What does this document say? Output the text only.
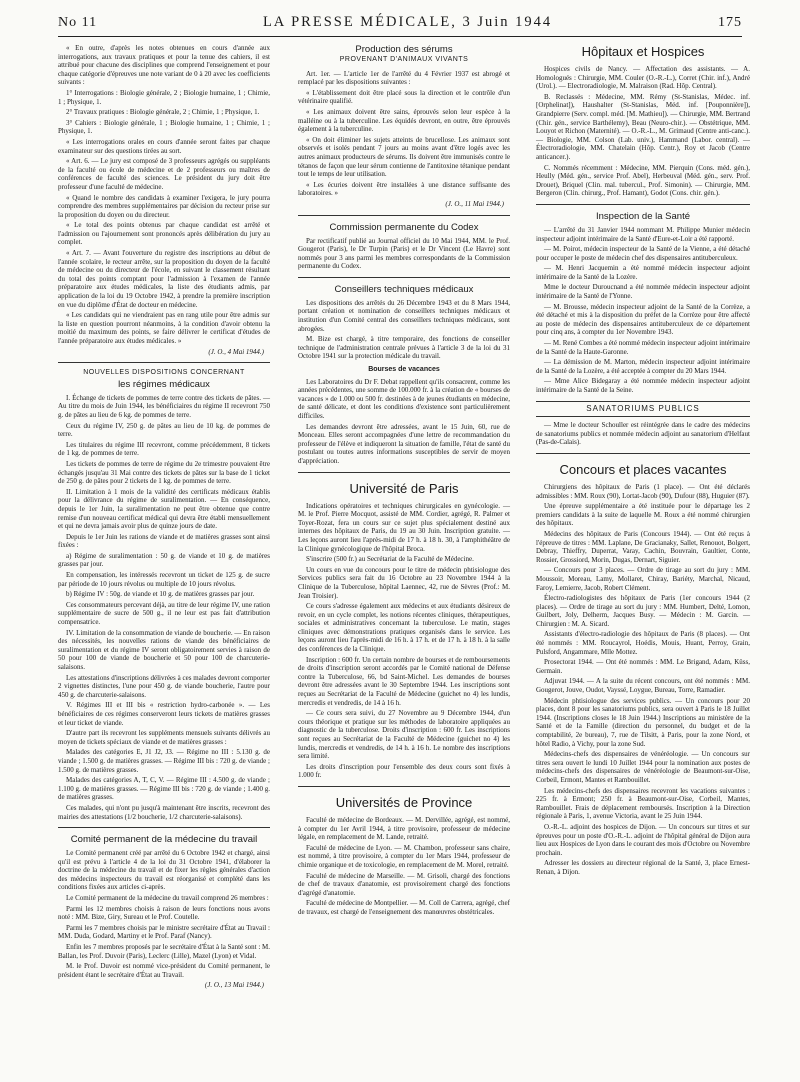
No 11	LA PRESSE MÉDICALE, 3 Juin 1944	175

« En outre, d'après les notes obtenues en cours d'année aux interrogations, aux travaux pratiques et pour la tenue des cahiers, il est attribué pour chacune des disciplines que comprend l'enseignement et pour chaque catégorie d'épreuves une note variant de 0 à 20 avec les coefficients suivants :

1° Interrogations : Biologie générale, 2 ; Biologie humaine, 1 ; Chimie, 1 ; Physique, 1.

2° Travaux pratiques : Biologie générale, 2 ; Chimie, 1 ; Physique, 1.

3° Cahiers : Biologie générale, 1 ; Biologie humaine, 1 ; Chimie, 1 ; Physique, 1.

« Les interrogations orales en cours d'année seront faites par chaque examinateur sur des questions tirées au sort.

« Art. 6. — Le jury est composé de 3 professeurs agrégés ou suppléants de la faculté ou école de médecine et de 2 professeurs ou maîtres de conférences de faculté des sciences. Le président du jury doit être professeur d'une faculté de médecine.

« Quand le nombre des candidats à examiner l'exigera, le jury pourra comprendre des membres supplémentaires par décision du recteur prise sur la proposition du doyen ou du directeur.

« Le total des points obtenus par chaque candidat est arrêté et l'admission ou l'ajournement sont prononcés après délibération du jury au complet.

« Art. 7. — Avant l'ouverture du registre des inscriptions au début de l'année scolaire, le recteur arrête, sur la proposition du doyen de la faculté de médecine ou du directeur de l'école, en suivant le classement résultant du total des points comptant pour l'admission à l'examen de l'année préparatoire aux études médicales, la liste des étudiants admis, par application de la loi du 19 Octobre 1942, à prendre la première inscription en vue du diplôme d'État de docteur en médecine.

« Les candidats qui ne viendraient pas en rang utile pour être admis sur la liste en question pourront néanmoins, à la condition d'avoir obtenu la moitié du maximum des points, se faire délivrer le certificat d'études de l'année préparatoire aux études médicales. »

(J. O., 4 Mai 1944.)
NOUVELLES DISPOSITIONS CONCERNANT
les régimes médicaux

I. Échange de tickets de pommes de terre contre des tickets de pâtes. — Au titre du mois de Juin 1944, les bénéficiaires du régime II recevront 750 g. de pâtes au lieu de 6 kg. de pommes de terre.

Ceux du régime IV, 250 g. de pâtes au lieu de 10 kg. de pommes de terre.

Les titulaires du régime III recevront, comme précédemment, 8 tickets de 1 kg. de pommes de terre.

Les tickets de pommes de terre de régime du 2e trimestre pouvaient être échangés jusqu'au 31 Mai contre des tickets de pâtes sur la base de 1 ticket de 250 g. de pâtes pour 2 tickets de 1 kg. de pommes de terre.

II. Limitation à 1 mois de la validité des certificats médicaux établis pour la délivrance du régime de suralimentation. — En conséquence, depuis le 1er Juin, la suralimentation ne peut être obtenue que contre remise d'un nouveau certificat médical qui devra être établi mensuellement et qui ne devra jamais avoir plus de quinze jours de date.

Depuis le 1er Juin les rations de viande et de matières grasses sont ainsi fixées :

a) Régime de suralimentation : 50 g. de viande et 10 g. de matières grasses par jour.

En compensation, les intéressés recevront un ticket de 125 g. de sucre par période de 10 jours révolus ou multiple de 10 jours révolus.

b) Régime IV : 50g. de viande et 10 g. de matières grasses par jour.

Ces consommateurs percevant déjà, au titre de leur régime IV, une ration supplémentaire de sucre de 500 g., il ne leur est pas fait d'attribution compensatrice.

IV. Limitation de la consommation de viande de boucherie. — En raison des nécessités, les nouvelles rations de viande des bénéficiaires de suralimentation et du régime IV seront obligatoirement servies à raison de 50 pour 100 de viande de boucherie et 50 pour 100 de charcuterie-salaisons.

Les attestations d'inscriptions délivrées à ces malades devront comporter 2 vignettes distinctes, l'une pour 450 g. de viande boucherie, l'autre pour 450 g. de charcuterie-salaisons.

V. Régimes III et III bis « restriction hydro-carbonée ». — Les bénéficiaires de ces régimes conserveront leurs tickets de matières grasses et leur ticket de viande.

D'autre part ils recevront les suppléments mensuels suivants délivrés au moyen de tickets spéciaux de viande et de matières grasses :

Malades des catégories E, J1 J2, J3. — Régime no III : 5.130 g. de viande ; 1.500 g. de matières grasses. — Régime III bis : 720 g. de viande ; 1.500 g. de matières grasses.

Malades des catégories A, T, C, V. — Régime III : 4.500 g. de viande ; 1.100 g. de matières grasses. — Régime III bis : 720 g. de viande ; 1.400 g. de matières grasses.

Ces malades, qui n'ont pu jusqu'à maintenant être inscrits, recevront des mairies des attestations (1/2 boucherie, 1/2 charcuterie-salaisons).

Comité permanent de la médecine du travail

Le Comité permanent créé par arrêté du 6 Octobre 1942 et chargé, ainsi qu'il est prévu à l'article 4 de la loi du 31 Octobre 1941, d'élaborer la doctrine de la médecine du travail et de fixer les règles générales d'action des médecins inspecteurs du travail est réorganisé et complété dans les conditions fixées aux articles ci-après.

Le Comité permanent de la médecine du travail comprend 26 membres :

Parmi les 12 membres choisis à raison de leurs fonctions nous avons noté : MM. Bize, Giry, Sureau et le Prof. Coutelle.

Parmi les 7 membres choisis par le ministre secrétaire d'État au Travail : MM. Duda, Godard, Martiny et le Prof. Paraf (Nancy).

Enfin les 7 membres proposés par le secrétaire d'État à la Santé sont : M. Ballan, les Prof. Duvoir (Paris), Leclerc (Lille), Mazel (Lyon) et Vidal.

M. le Prof. Duvoir est nommé vice-président du Comité permanent, le président étant le secrétaire d'État au Travail.

(J. O., 13 Mai 1944.)
Production des sérums
PROVENANT D'ANIMAUX VIVANTS

Art. 1er. — L'article 1er de l'arrêté du 4 Février 1937 est abrogé et remplacé par les dispositions suivantes :

« L'établissement doit être placé sous la direction et le contrôle d'un vétérinaire qualifié.

« Les animaux doivent être sains, éprouvés selon leur espèce à la malléine ou à la tuberculine. Les équidés devront, en outre, être éprouvés également à la tuberculine.

« On doit éliminer les sujets atteints de brucellose. Les animaux sont observés et isolés pendant 7 jours au moins avant d'être logés avec les autres animaux producteurs de sérums. Ils doivent être immunisés contre le tétanos de façon que leur sérum contienne de l'antitoxine tétanique pendant tout le temps de leur utilisation.

« Les écuries doivent être installées à une distance suffisante des laboratoires. »

(J. O., 11 Mai 1944.)
Commission permanente du Codex

Par rectificatif publié au Journal officiel du 10 Mai 1944, MM. le Prof. Gougerot (Paris), le Dr Turpin (Paris) et le Dr Vincent (Le Havre) sont nommés pour 3 ans parmi les membres correspondants de la Commission permanente du Codex.

Conseillers techniques médicaux

Les dispositions des arrêtés du 26 Décembre 1943 et du 8 Mars 1944, portant création et nomination de conseillers techniques médicaux et institution d'un Comité central des conseillers techniques médicaux, sont abrogées.

M. Bize est chargé, à titre temporaire, des fonctions de conseiller technique de l'administration centrale prévues à l'article 3 de la loi du 31 Octobre 1941 sur la protection médicale du travail.

Bourses de vacances

Les Laboratoires du Dr F. Debat rappellent qu'ils consacrent, comme les années précédentes, une somme de 100.000 fr. à la création de « bourses de vacances » de 1.000 ou 500 fr. destinées à de jeunes étudiants en médecine, de santé délicate, et dont les conditions d'existence sont particulièrement difficiles.

Les demandes devront être adressées, avant le 15 Juin, 60, rue de Monceau. Elles seront accompagnées d'une lettre de recommandation du professeur de l'élève et indiqueront la situation de famille, l'état de santé du postulant ou toutes autres informations susceptibles de servir de moyen d'appréciation.

Université de Paris

Indications opératoires et techniques chirurgicales en gynécologie. — M. le Prof. Pierre Mocquot, assisté de MM. Cordier, agrégé, R. Palmer et Toyer-Rozat, fera un cours sur ce sujet plus spécialement destiné aux internes des hôpitaux de Paris, du 19 au 30 Juin. Inscription gratuite. — Les leçons auront lieu l'après-midi de 17 h. à 18 h. 30, à l'amphithéâtre de la Clinique gynécologique de l'hôpital Broca.

S'inscrire (500 fr.) au Secrétariat de la Faculté de Médecine.

Un cours en vue du concours pour le titre de médecin phtisiologue des Services publics sera fait du 16 Octobre au 23 Novembre 1944 à la Clinique de la Tuberculose, hôpital Laennec, 42, rue de Sèvres (Prof.: M. Jean Troisier).

Ce cours s'adresse également aux médecins et aux étudiants désireux de revoir, en un cycle complet, les notions récentes cliniques, thérapeutiques, sociales et administratives concernant la tuberculose. Le matin, stages cliniques avec démonstrations pratiques organisés dans le service. Les leçons auront lieu l'après-midi de 16 h. à 17 h. et de 17 h. à 18 h. à la salle des conférences de la Clinique.

Inscription : 600 fr. Un certain nombre de bourses et de remboursements de droits d'inscription seront accordés par le Comité national de Défense contre la Tuberculose, 66, bd Saint-Michel. Les demandes de bourses devront être adressées avant le 30 Septembre 1944. Les inscriptions sont reçues au Secrétariat de la Faculté de Médecine (guichet no 4) les lundis, mercredis et vendredis, de 14 à 16 h.

— Ce cours sera suivi, du 27 Novembre au 9 Décembre 1944, d'un cours théorique et pratique sur les méthodes de laboratoire appliquées au diagnostic de la tuberculose. Droits d'inscription : 600 fr. Les inscriptions sont reçues au Secrétariat de la Faculté de Médecine (guichet no 4) les lundis, mercredis et vendredis, de 14 h. à 16 h. Le nombre des inscriptions sera limité.

Les droits d'inscription pour l'ensemble des deux cours sont fixés à 1.000 fr.

Universités de Province

Faculté de médecine de Bordeaux. — M. Dervillée, agrégé, est nommé, à compter du 1er Avril 1944, à titre provisoire, professeur de médecine légale, en remplacement de M. Lande, retraité.

Faculté de médecine de Lyon. — M. Chambon, professeur sans chaire, est nommé, à titre provisoire, à compter du 1er Mars 1944, professeur de chimie organique et de toxicologie, en remplacement de M. Morel, retraité.

Faculté de médecine de Marseille. — M. Grisoli, chargé des fonctions de chef de travaux d'anatomie, est provisoirement chargé des fonctions d'agrégé d'anatomie.

Faculté de médecine de Montpellier. — M. Coll de Carrera, agrégé, chef de travaux, est chargé de l'enseignement des manœuvres obstétricales.

Hôpitaux et Hospices

Hospices civils de Nancy. — Affectation des assistants. — A. Homologués : Chirurgie, MM. Couler (O.-R.-L.), Corret (Chir. inf.), André (Urol.). — Electroradiologie, M. Malraison (Rad. Hôp. Central).

B. Reclassés : Médecine, MM. Rémy (St-Stanislas, Médec. inf. [Orphelinat]), Haushalter (St-Stanislas, Méd. inf. [Pouponnière]), Grandpierre (Serv. compl. méd. [M. Mathieu]). — Chirurgie, MM. Bertrand (Chir. gén., service Barthélemy), Beau (Neuro-chir.). — Obstétrique, MM. Louyot et Richon (Maternité). — O.-R.-L., M. Grimaud (Centre anti-canc.). — Biologie, MM. Colson (Lab. univ.), Hammand (Labor. central). — Électroradiologie, MM. Chatelain (Hôp. Centr.), Roy et Jacob (Centre anticancer.).

C. Nommés récemment : Médecine, MM. Pierquin (Cons. méd. gén.), Heully (Méd. gén., service Prof. Abel), Herbeuval (Méd. gén., serv. Prof. Drouet), Briquel (Clin. mal. tubercul., Prof. Simonin). — Chirurgie, MM. Bergeron (Clin. chirurg., Prof. Hamant), Godot (Cons. chir. gén.).

Inspection de la Santé

— L'arrêté du 31 Janvier 1944 nommant M. Philippe Munier médecin inspecteur adjoint intérimaire de la Santé d'Eure-et-Loir a été rapporté.

— M. Poirot, médecin inspecteur de la Santé de la Vienne, a été détaché pour occuper le poste de médecin chef des dispensaires antituberculeux.

— M. Henri Jacquemin a été nommé médecin inspecteur adjoint intérimaire de la Santé de la Lozère.

Mme le docteur Duroucnand a été nommée médecin inspecteur adjoint intérimaire de la Santé de l'Yonne.

— M. Brousse, médecin inspecteur adjoint de la Santé de la Corrèze, a été détaché et mis à la disposition du préfet de la Corrèze pour être affecté au poste de médecin des dispensaires antituberculeux de ce département pour cinq ans, à compter du 1er Novembre 1943.

— M. René Combes a été nommé médecin inspecteur adjoint intérimaire de la Santé de la Haute-Garonne.

— La démission de M. Marton, médecin inspecteur adjoint intérimaire de la Santé de la Lozère, a été acceptée à compter du 20 Mars 1944.

— Mme Alice Bidegaray a été nommée médecin inspecteur adjoint intérimaire de la Santé de la Seine.

SANATORIUMS PUBLICS

— Mme le docteur Schouller est réintégrée dans le cadre des médecins de sanatoriums publics et nommée médecin adjoint au sanatorium d'Helfaut (Pas-de-Calais).

Concours et places vacantes

Chirurgiens des hôpitaux de Paris (1 place). — Ont été déclarés admissibles : MM. Roux (90), Lortat-Jacob (90), Dufour (88), Huguier (87).

Une épreuve supplémentaire a été instituée pour le départage les 2 premiers candidats à la suite de laquelle M. Roux a été nommé chirurgien des hôpitaux.

Médecins des hôpitaux de Paris (Concours 1944). — Ont été reçus à l'épreuve de titres : MM. Laplane, De Gracianaky, Sallet, Renouot, Bolgert, Debray, Thieffry, Duperrat, Varay, Cachin, Bouvrain, Gaultier, Conte, Rossier, Grossiord, Morin, Dugas, Dernart, Siguier.

— Concours pour 3 places. — Ordre de tirage au sort du jury : MM. Moussoir, Moreau, Lamy, Mollaret, Chiray, Bariéty, Marchal, Nicaud, Faroy, Lemierre, Jacob, Robert Clément.

Électro-radiologistes des hôpitaux de Paris (1er concours 1944 (2 places). — Ordre de tirage au sort du jury : MM. Humbert, Delté, Lomon, Guilbert, Joly, Delherm, Jacques Busy. — Médecin : M. Garcin. — Chirurgien : M. A. Sicard.

Assistants d'électro-radiologie des hôpitaux de Paris (8 places). — Ont été nommés : MM. Roucayrol, Hoédis, Mouis, Huant, Perroy, Grain, Pulsford, Angammare, Mlle Mottez.

Prosectorat 1944. — Ont été nommés : MM. Le Brigand, Adam, Küss, Germain.

Adjuvat 1944. — A la suite du récent concours, ont été nommés : MM. Gougerot, Jouve, Oudot, Vayssé, Loygue, Bureau, Torre, Ramadier.

Médecin phtisiologue des services publics. — Un concours pour 20 places, dont 8 pour les sanatoriums publics, sera ouvert à Paris le 18 Juillet 1944. (Inscriptions closes le 18 Juin 1944.) Inscriptions au ministère de la Santé et de la Famille (direction du personnel, du budget et de la comptabilité, 2e bureau), 7, rue de Tilsitt, à Paris, pour la zone Nord, et hôtel Radio, à Vichy, pour la zone Sud.

Médecins-chefs des dispensaires de vénéréologie. — Un concours sur titres sera ouvert le lundi 10 Juillet 1944 pour la nomination aux postes de médecins-chefs des dispensaires de vénéréologie de Beaumont-sur-Oise, Corbeil, Ermont, Mantes et Rambouillet.

Les médecins-chefs des dispensaires recevront les vacations suivantes : 225 fr. à Ermont; 250 fr. à Beaumont-sur-Oise, Corbeil, Mantes, Rambouillet. Frais de déplacement remboursés. Inscription à la Direction régionale à Paris, 1, avenue Victoria, avant le 25 Juin 1944.

O.-R.-L. adjoint des hospices de Dijon. — Un concours sur titres et sur épreuves pour un poste d'O.-R.-L. adjoint de l'hôpital général de Dijon aura lieu aux Hospices de Lyon dans le courant des mois d'Octobre ou Novembre prochain.

Adresser les dossiers au directeur régional de la Santé, 3, place Ernest-Renan, à Dijon.
